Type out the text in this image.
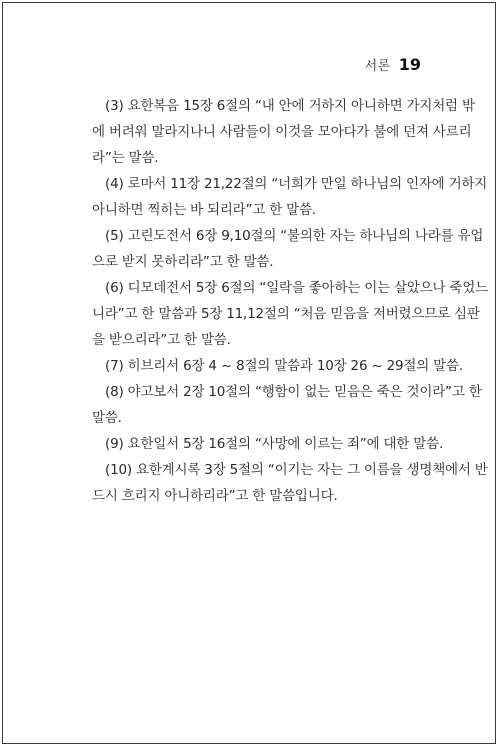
서론 19

(3) 요한복음 15장 6절의 “내 안에 거하지 아니하면 가지처럼 밖
에 버려워 말라지나니 사람들이 이것을 모아다가 불에 던져 사르리
라”는 말씀.

(4) 로마서 11장 21,22절의 “너희가 만일 하나님의 인자에 거하지
아니하면 찍히는 바 되리라”고 한 말씀.

(5) 고린도전서 6장 9,10절의 “불의한 자는 하나님의 나라를 유업
으로 받지 못하리라”고 한 말씀.

(6) 디모데전서 5장 6절의 “일락을 좋아하는 이는 살았으나 죽었느
니라”고 한 말씀과 5장 11,12절의 “처음 믿음을 저버렸으므로 심판
을 받으리라”고 한 말씀.

(7) 히브리서 6장 4 ~ 8절의 말씀과 10장 26 ~ 29절의 말씀.

(8) 야고보서 2장 10절의 “행함이 없는 믿음은 죽은 것이라”고 한
말씀.

(9) 요한일서 5장 16절의 “사망에 이르는 죄”에 대한 말씀.

(10) 요한계시록 3장 5절의 “이기는 자는 그 이름을 생명책에서 반
드시 흐리지 아니하리라”고 한 말씀입니다.
